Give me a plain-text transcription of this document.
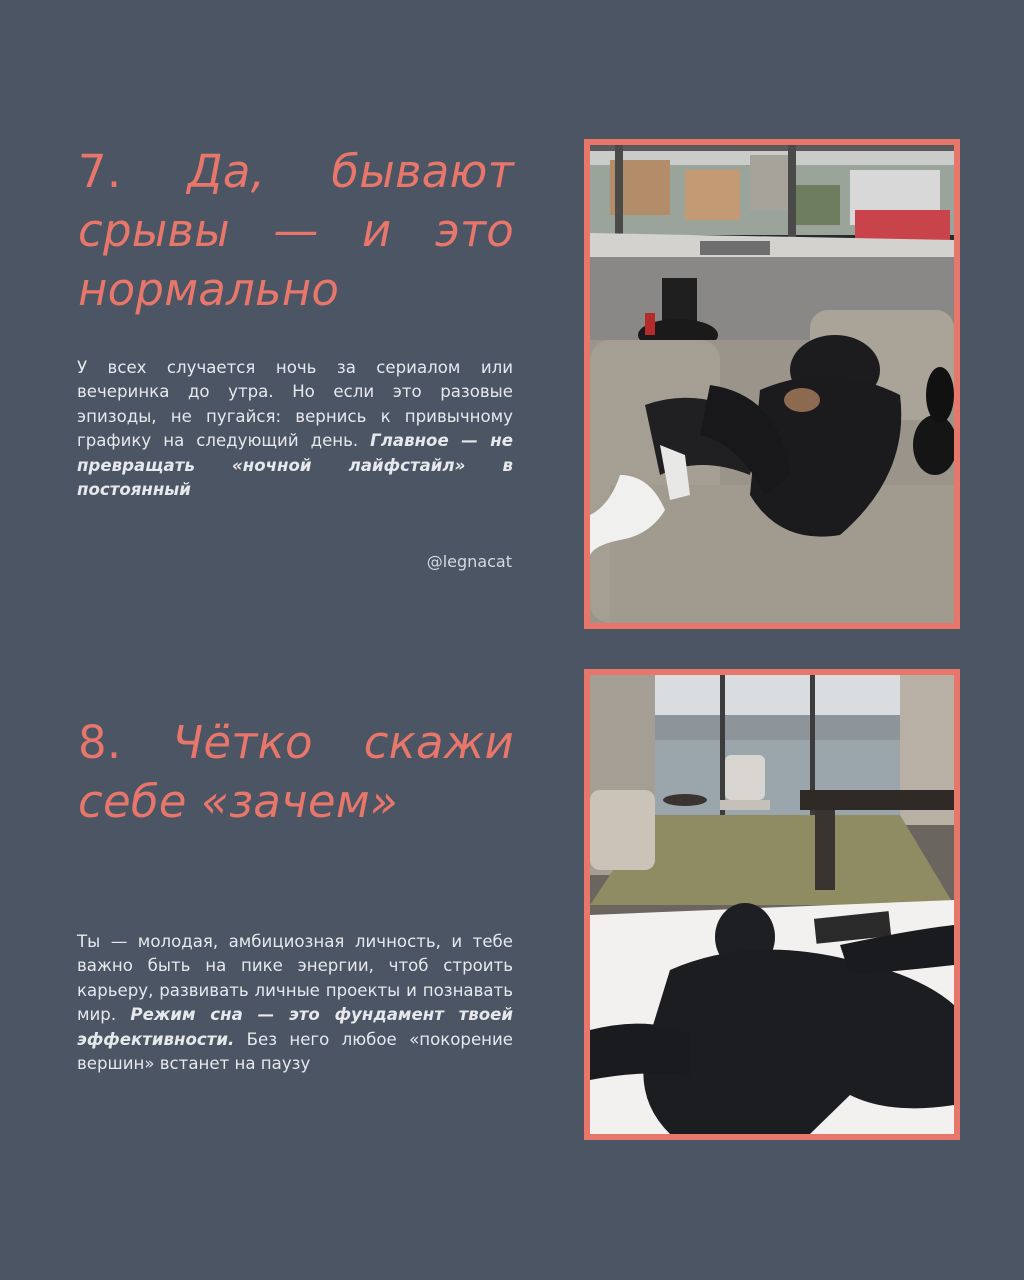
7. Да, бывают срывы — и это нормально

У всех случается ночь за сериалом или вечеринка до утра. Но если это разовые эпизоды, не пугайся: вернись к привычному графику на следующий день. Главное — не превращать «ночной лайфстайл» в постоянный

@legnacat
8. Чётко скажи себе «зачем»

Ты — молодая, амбициозная личность, и тебе важно быть на пике энергии, чтоб строить карьеру, развивать личные проекты и познавать мир. Режим сна — это фундамент твоей эффективности. Без него любое «покорение вершин» встанет на паузу
